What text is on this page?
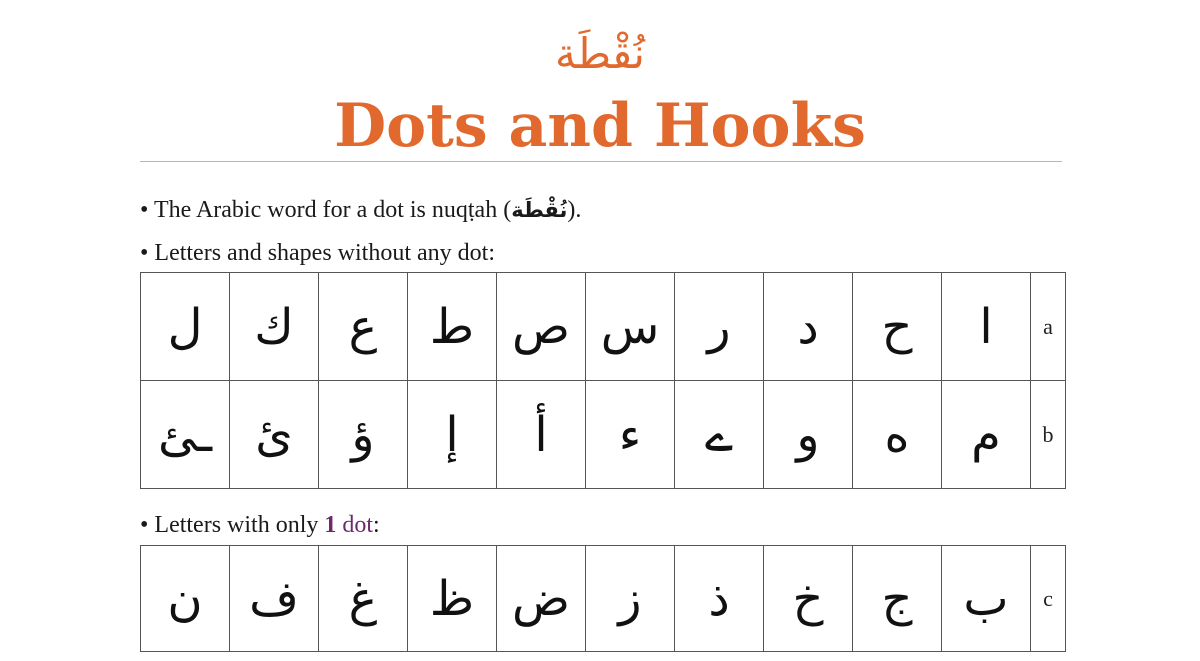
نُقْطَة
Dots and Hooks
• The Arabic word for a dot is nuqṭah (نُقْطَة).
• Letters and shapes without any dot:
ل	ك	ع	ط	ص	س	ر	د	ح	ا	a
ـئ	ئ	ؤ	إ	أ	ء	ے	و	ه	م	b
• Letters with only 1 dot:
ن	ف	غ	ظ	ض	ز	ذ	خ	ج	ب	c
